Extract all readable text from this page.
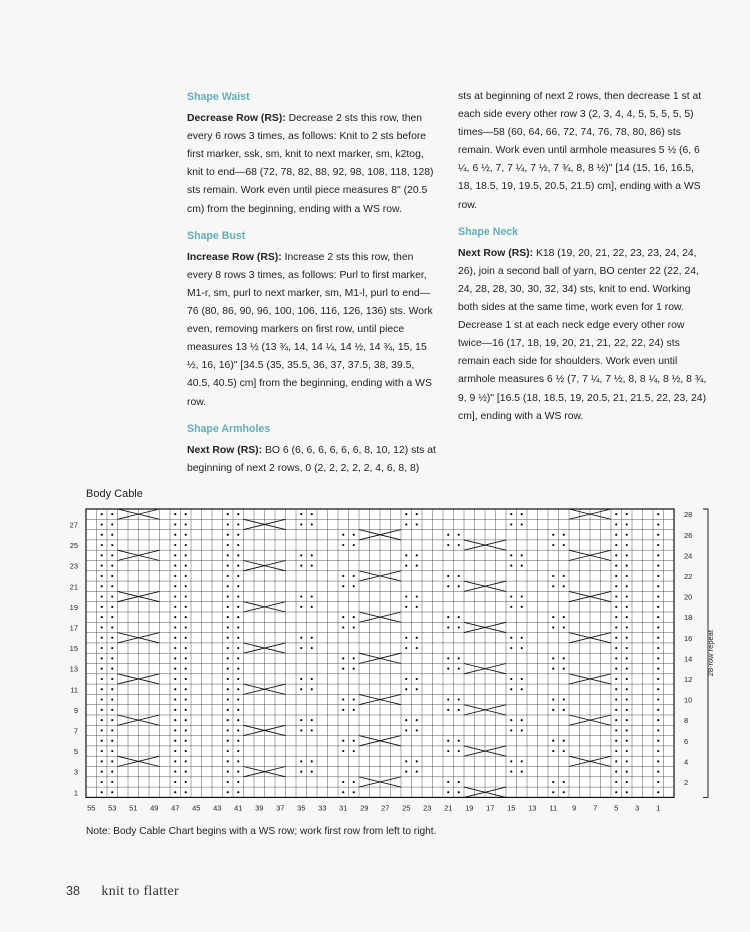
Shape Waist
Decrease Row (RS): Decrease 2 sts this row, then every 6 rows 3 times, as follows: Knit to 2 sts before first marker, ssk, sm, knit to next marker, sm, k2tog, knit to end—68 (72, 78, 82, 88, 92, 98, 108, 118, 128) sts remain. Work even until piece measures 8" (20.5 cm) from the beginning, ending with a WS row.
Shape Bust
Increase Row (RS): Increase 2 sts this row, then every 8 rows 3 times, as follows: Purl to first marker, M1-r, sm, purl to next marker, sm, M1-l, purl to end—76 (80, 86, 90, 96, 100, 106, 116, 126, 136) sts. Work even, removing markers on first row, until piece measures 13 ½ (13 ¾, 14, 14 ¼, 14 ½, 14 ¾, 15, 15 ½, 16, 16)" [34.5 (35, 35.5, 36, 37, 37.5, 38, 39.5, 40.5, 40.5) cm] from the beginning, ending with a WS row.
Shape Armholes
Next Row (RS): BO 6 (6, 6, 6, 6, 6, 6, 8, 10, 12) sts at beginning of next 2 rows, 0 (2, 2, 2, 2, 2, 4, 6, 8, 8)
sts at beginning of next 2 rows, then decrease 1 st at each side every other row 3 (2, 3, 4, 4, 5, 5, 5, 5, 5) times—58 (60, 64, 66, 72, 74, 76, 78, 80, 86) sts remain. Work even until armhole measures 5 ½ (6, 6 ¼, 6 ½, 7, 7 ¼, 7 ½, 7 ¾, 8, 8 ½)" [14 (15, 16, 16.5, 18, 18.5, 19, 19.5, 20.5, 21.5) cm], ending with a WS row.
Shape Neck
Next Row (RS): K18 (19, 20, 21, 22, 23, 23, 24, 24, 26), join a second ball of yarn, BO center 22 (22, 24, 24, 28, 28, 30, 30, 32, 34) sts, knit to end. Working both sides at the same time, work even for 1 row. Decrease 1 st at each neck edge every other row twice—16 (17, 18, 19, 20, 21, 21, 22, 22, 24) sts remain each side for shoulders. Work even until armhole measures 6 ½ (7, 7 ¼, 7 ½, 8, 8 ¼, 8 ½, 8 ¾, 9, 9 ½)" [16.5 (18, 18.5, 19, 20.5, 21, 21.5, 22, 23, 24) cm], ending with a WS row.
Body Cable
27
25
23
21
19
17
15
13
11
9
7
5
3
1
28
26
24
22
20
18
16
14
12
10
8
6
4
2
55 53 51 49 47 45 43 41 39 37 35 33 31 29 27 25 23 21 19 17 15 13 11 9 7 5 3 1
28-row repeat
Note: Body Cable Chart begins with a WS row; work first row from left to right.
38 knit to flatter
